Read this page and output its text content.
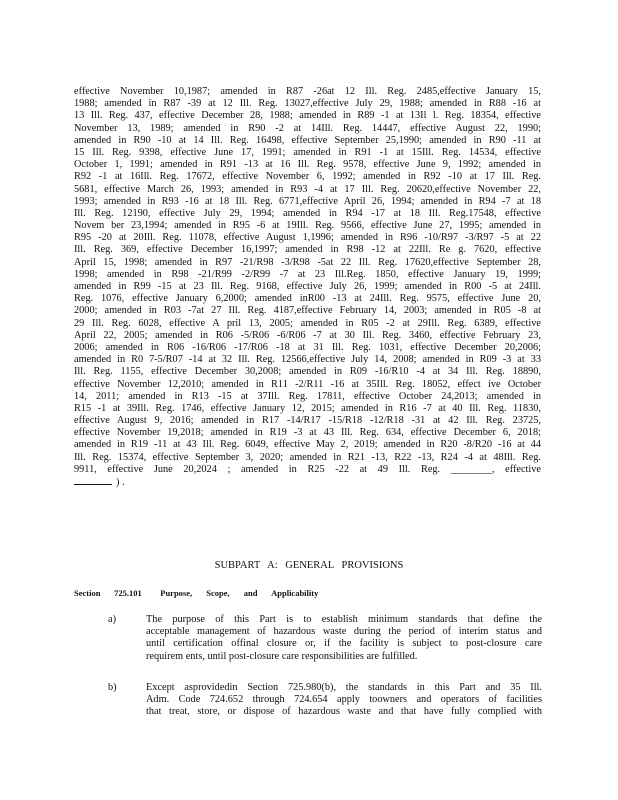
effective November 10,1987; amended in R87 -26at 12 Ill. Reg. 2485,effective January 15,
1988; amended in R87 -39 at 12 Ill. Reg. 13027,effective July 29, 1988; amended in R88 -16 at
13 Ill. Reg. 437, effective December 28, 1988; amended in R89 -1 at 13Il l. Reg. 18354, effective
November 13, 1989; amended in R90 -2 at 14Ill. Reg. 14447, effective August 22, 1990;
amended in R90 -10 at 14 Ill. Reg. 16498, effective September 25,1990; amended in R90 -11 at
15 Ill. Reg. 9398, effective June 17, 1991; amended in R91 -1 at 15Ill. Reg. 14534, effective
October 1, 1991; amended in R91 -13 at 16 Ill. Reg. 9578, effective June 9, 1992; amended in
R92 -1 at 16Ill. Reg. 17672, effective November 6, 1992; amended in R92 -10 at 17 Ill. Reg.
5681, effective March 26, 1993; amended in R93 -4 at 17 Ill. Reg. 20620,effective November 22,
1993; amended in R93 -16 at 18 Ill. Reg. 6771,effective April 26, 1994; amended in R94 -7 at 18
Ill. Reg. 12190, effective July 29, 1994; amended in R94 -17 at 18 Ill. Reg.17548, effective
Novem ber 23,1994; amended in R95 -6 at 19Ill. Reg. 9566, effective June 27, 1995; amended in
R95 -20 at 20Ill. Reg. 11078, effective August 1,1996; amended in R96 -10/R97 -3/R97 -5 at 22
Ill. Reg. 369, effective December 16,1997; amended in R98 -12 at 22Ill. Re g. 7620, effective
April 15, 1998; amended in R97 -21/R98 -3/R98 -5at 22 Ill. Reg. 17620,effective September 28,
1998; amended in R98 -21/R99 -2/R99 -7 at 23 Ill.Reg. 1850, effective January 19, 1999;
amended in R99 -15 at 23 Ill. Reg. 9168, effective July 26, 1999; amended in R00 -5 at 24Ill.
Reg. 1076, effective January 6,2000; amended inR00 -13 at 24Ill. Reg. 9575, effective June 20,
2000; amended in R03 -7at 27 Ill. Reg. 4187,effective February 14, 2003; amended in R05 -8 at
29 Ill. Reg. 6028, effective A pril 13, 2005; amended in R05 -2 at 29Ill. Reg. 6389, effective
April 22, 2005; amended in R06 -5/R06 -6/R06 -7 at 30 Ill. Reg. 3460, effective February 23,
2006; amended in R06 -16/R06 -17/R06 -18 at 31 Ill. Reg. 1031, effective December 20,2006;
amended in R0 7-5/R07 -14 at 32 Ill. Reg. 12566,effective July 14, 2008; amended in R09 -3 at 33
Ill. Reg. 1155, effective December 30,2008; amended in R09 -16/R10 -4 at 34 Ill. Reg. 18890,
effective November 12,2010; amended in R11 -2/R11 -16 at 35Ill. Reg. 18052, effect ive October
14, 2011; amended in R13 -15 at 37Ill. Reg. 17811, effective October 24,2013; amended in
R15 -1 at 39Ill. Reg. 1746, effective January 12, 2015; amended in R16 -7 at 40 Ill. Reg. 11830,
effective August 9, 2016; amended in R17 -14/R17 -15/R18 -12/R18 -31 at 42 Ill. Reg. 23725,
effective November 19,2018; amended in R19 -3 at 43 Ill. Reg. 634, effective December 6, 2018;
amended in R19 -11 at 43 Ill. Reg. 6049, effective May 2, 2019; amended in R20 -8/R20 -16 at 44
Ill. Reg. 15374, effective September 3, 2020; amended in R21 -13, R22 -13, R24 -4 at 48Ill. Reg.
9911, effective June 20,2024 ; amended in R25 -22 at 49 Ill. Reg. ________, effective
) .
SUBPART A: GENERAL PROVISIONS
Section 725.101 Purpose, Scope, and Applicability
a)	The purpose of this Part is to establish minimum standards that define the
acceptable management of hazardous waste during the period of interim status and
until certification offinal closure or, if the facility is subject to post-closure care
requirem ents, until post-closure care responsibilities are fulfilled.
b)	Except asprovidedin Section 725.980(b), the standards in this Part and 35 Ill.
Adm. Code 724.652 through 724.654 apply toowners and operators of facilities
that treat, store, or dispose of hazardous waste and that have fully complied with
